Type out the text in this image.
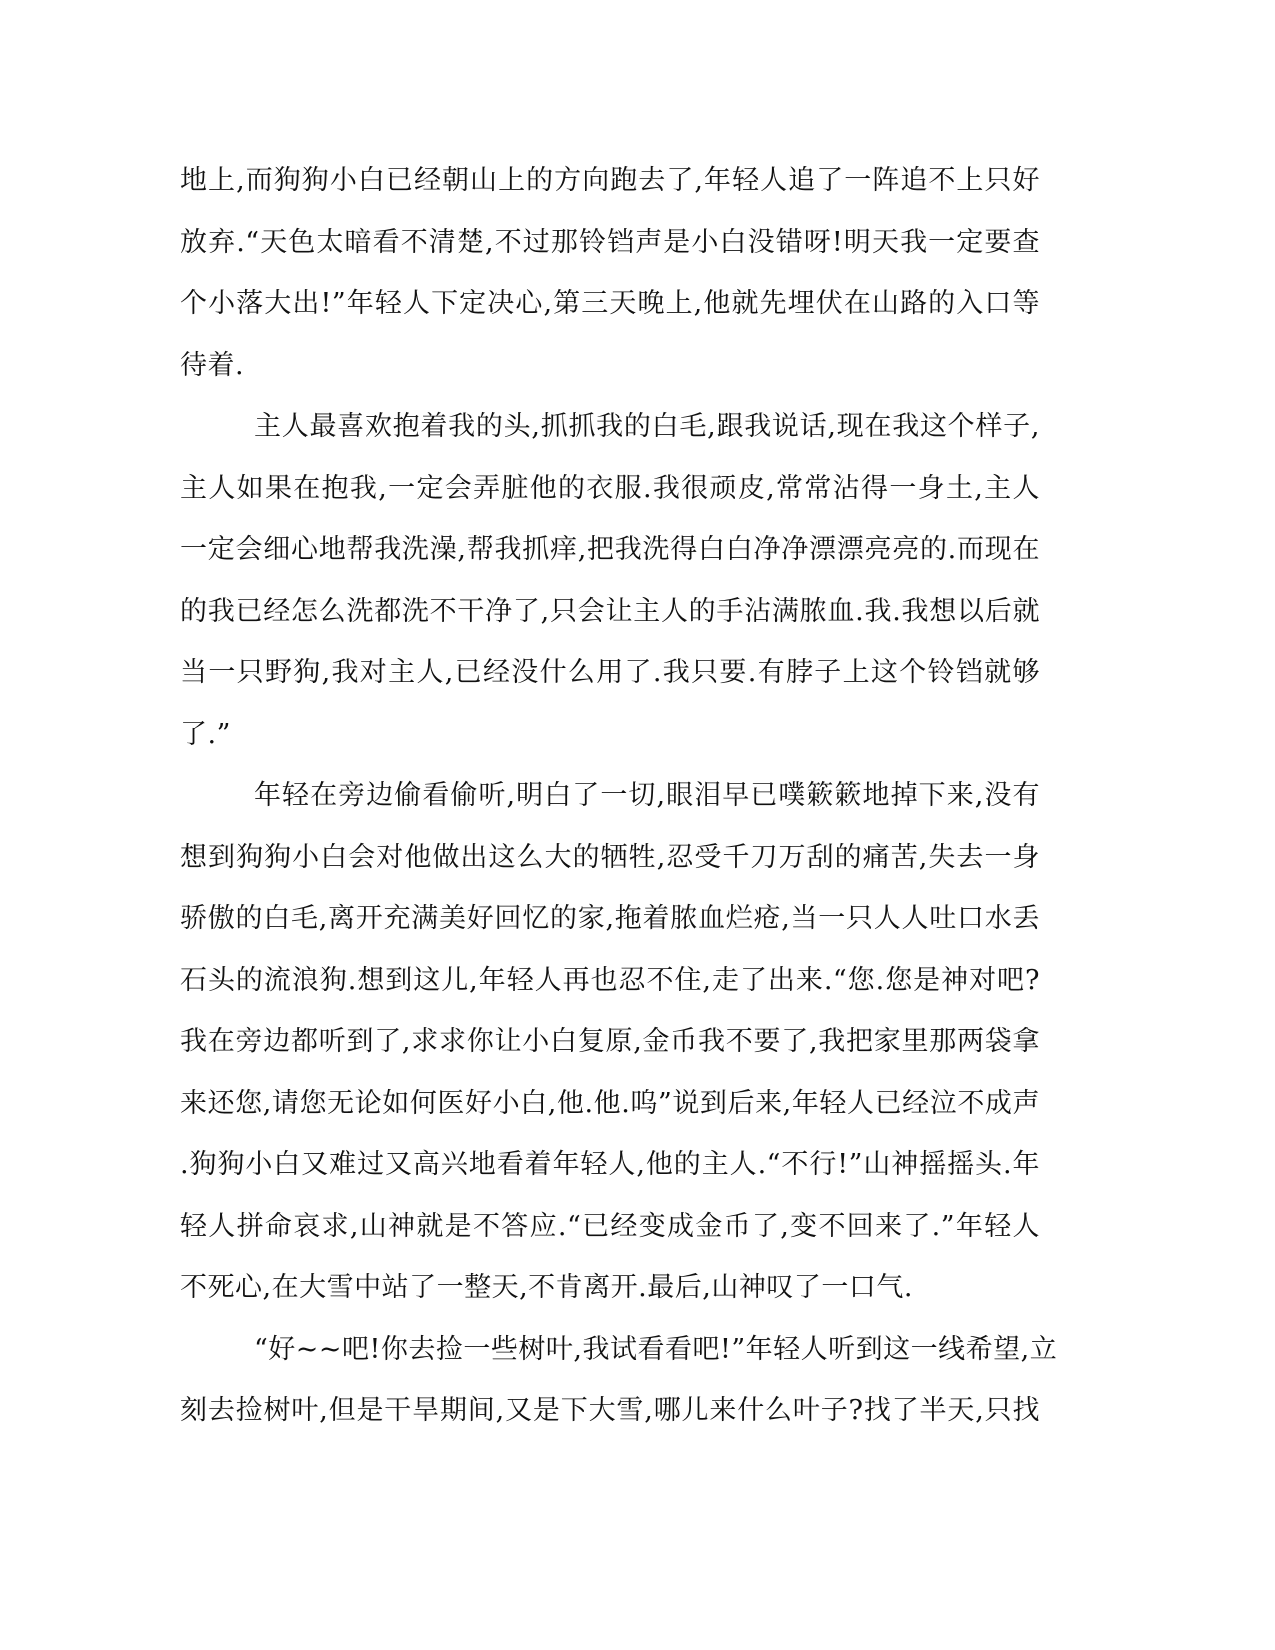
地上,而狗狗小白已经朝山上的方向跑去了,年轻人追了一阵追不上只好
放弃.“天色太暗看不清楚,不过那铃铛声是小白没错呀!明天我一定要查
个小落大出!”年轻人下定决心,第三天晚上,他就先埋伏在山路的入口等
待着.
主人最喜欢抱着我的头,抓抓我的白毛,跟我说话,现在我这个样子,
主人如果在抱我,一定会弄脏他的衣服.我很顽皮,常常沾得一身土,主人
一定会细心地帮我洗澡,帮我抓痒,把我洗得白白净净漂漂亮亮的.而现在
的我已经怎么洗都洗不干净了,只会让主人的手沾满脓血.我.我想以后就
当一只野狗,我对主人,已经没什么用了.我只要.有脖子上这个铃铛就够
了.”
年轻在旁边偷看偷听,明白了一切,眼泪早已噗簌簌地掉下来,没有
想到狗狗小白会对他做出这么大的牺牲,忍受千刀万刮的痛苦,失去一身
骄傲的白毛,离开充满美好回忆的家,拖着脓血烂疮,当一只人人吐口水丢
石头的流浪狗.想到这儿,年轻人再也忍不住,走了出来.“您.您是神对吧?
我在旁边都听到了,求求你让小白复原,金币我不要了,我把家里那两袋拿
来还您,请您无论如何医好小白,他.他.呜”说到后来,年轻人已经泣不成声
.狗狗小白又难过又高兴地看着年轻人,他的主人.“不行!”山神摇摇头.年
轻人拼命哀求,山神就是不答应.“已经变成金币了,变不回来了.”年轻人
不死心,在大雪中站了一整天,不肯离开.最后,山神叹了一口气.
“好~~吧!你去捡一些树叶,我试看看吧!”年轻人听到这一线希望,立
刻去捡树叶,但是干旱期间,又是下大雪,哪儿来什么叶子?找了半天,只找
